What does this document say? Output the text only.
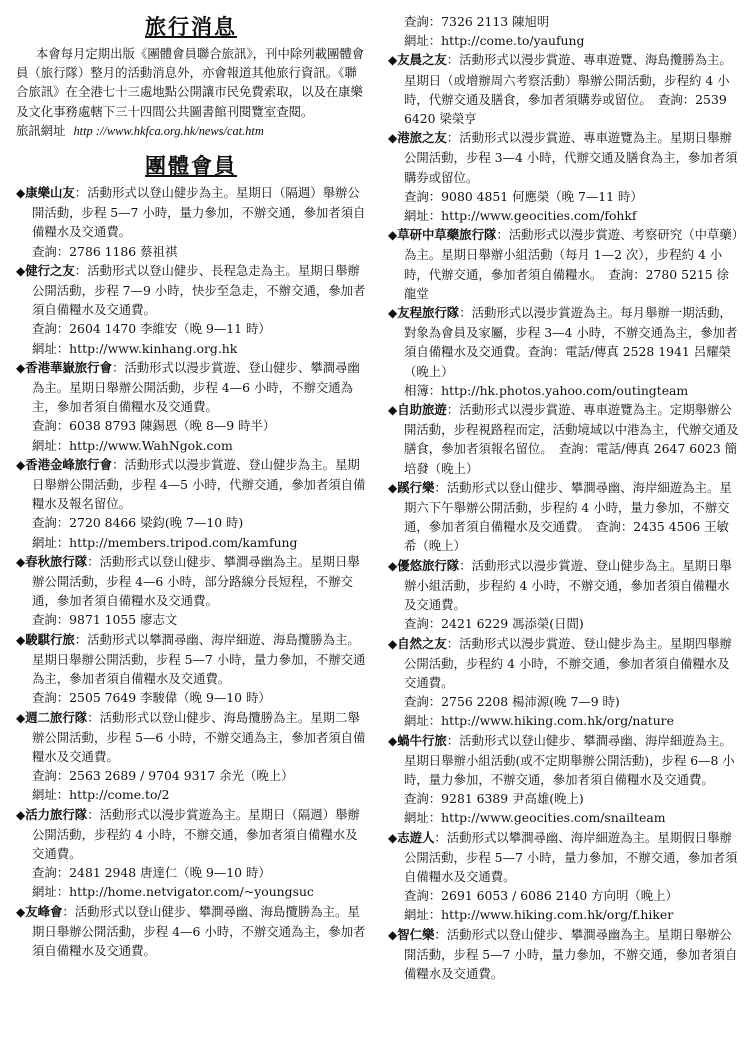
旅行消息

本會每月定期出版《團體會員聯合旅訊》，刊中除列載團體會員（旅行隊）整月的活動消息外，亦會報道其他旅行資訊。《聯合旅訊》在全港七十三處地點公開讓市民免費索取，以及在康樂及文化事務處轄下三十四間公共圖書館刊閱覽室查閱。

旅訊網址 http ://www.hkfca.org.hk/news/cat.htm

團體會員
◆康樂山友：活動形式以登山健步為主。星期日（隔週）舉辦公開活動，步程 5—7 小時，量力參加，不辦交通，參加者須自備糧水及交通費。
查詢：2786 1186 蔡祖祺
◆健行之友：活動形式以登山健步、長程急走為主。星期日舉辦公開活動，步程 7—9 小時，快步至急走，不辦交通，參加者須自備糧水及交通費。
查詢：2604 1470 李維安（晚 9—11 時）
網址：http://www.kinhang.org.hk
◆香港華嶽旅行會：活動形式以漫步賞遊、登山健步、攀澗尋幽為主。星期日舉辦公開活動，步程 4—6 小時，不辦交通為主，參加者須自備糧水及交通費。
查詢：6038 8793 陳錫恩（晚 8—9 時半）
網址：http://www.WahNgok.com
◆香港金峰旅行會：活動形式以漫步賞遊、登山健步為主。星期日舉辦公開活動，步程 4—5 小時，代辦交通，參加者須自備糧水及報名留位。
查詢：2720 8466 梁鈞(晚 7—10 時)
網址：http://members.tripod.com/kamfung
◆春秋旅行隊：活動形式以登山健步、攀澗尋幽為主。星期日舉辦公開活動，步程 4—6 小時，部分路線分長短程，不辦交通，參加者須自備糧水及交通費。
查詢：9871 1055 廖志文
◆駿騏行旅：活動形式以攀澗尋幽、海岸細遊、海島攬勝為主。星期日舉辦公開活動，步程 5—7 小時，量力參加，不辦交通為主，參加者須自備糧水及交通費。
查詢：2505 7649 李駿偉（晚 9—10 時）
◆週二旅行隊：活動形式以登山健步、海島攬勝為主。星期二舉辦公開活動，步程 5—6 小時，不辦交通為主，參加者須自備糧水及交通費。
查詢：2563 2689 / 9704 9317 余光（晚上）
網址：http://come.to/2
◆活力旅行隊：活動形式以漫步賞遊為主。星期日（隔週）舉辦公開活動，步程約 4 小時，不辦交通，參加者須自備糧水及交通費。
查詢：2481 2948 唐達仁（晚 9—10 時）
網址：http://home.netvigator.com/~youngsuc
◆友峰會：活動形式以登山健步、攀澗尋幽、海島攬勝為主。星期日舉辦公開活動，步程 4—6 小時，不辦交通為主，參加者須自備糧水及交通費。
查詢：7326 2113 陳旭明
網址：http://come.to/yaufung
◆友晨之友：活動形式以漫步賞遊、專車遊覽、海島攬勝為主。星期日（或增辦周六考察活動）舉辦公開活動，步程約 4 小時，代辦交通及膳食，參加者須購券或留位。　查詢：2539 6420 梁榮亨
◆港旅之友：活動形式以漫步賞遊、專車遊覽為主。星期日舉辦公開活動，步程 3—4 小時，代辦交通及膳食為主，參加者須購券或留位。
查詢：9080 4851 何應榮（晚 7—11 時）
網址：http://www.geocities.com/fohkf
◆草研中草藥旅行隊：活動形式以漫步賞遊、考察研究（中草藥）為主。星期日舉辦小組活動（每月 1—2 次），步程約 4 小時，代辦交通，參加者須自備糧水。　查詢：2780 5215 徐龍堂
◆友程旅行隊：活動形式以漫步賞遊為主。每月舉辦一期活動，對象為會員及家屬，步程 3—4 小時，不辦交通為主，參加者須自備糧水及交通費。查詢：電話/傳真 2528 1941 呂耀榮（晚上）
相簿：http://hk.photos.yahoo.com/outingteam
◆自助旅遊：活動形式以漫步賞遊、專車遊覽為主。定期舉辦公開活動，步程視路程而定，活動境域以中港為主，代辦交通及膳食，參加者須報名留位。　查詢：電話/傳真 2647 6023 簡培發（晚上）
◆蹊行樂：活動形式以登山健步、攀澗尋幽、海岸細遊為主。星期六下午舉辦公開活動，步程約 4 小時，量力參加，不辦交通，參加者須自備糧水及交通費。　查詢：2435 4506 王敏希（晚上）
◆優悠旅行隊：活動形式以漫步賞遊、登山健步為主。星期日舉辦小組活動，步程約 4 小時，不辦交通，參加者須自備糧水及交通費。
查詢：2421 6229 馮添榮(日間)
◆自然之友：活動形式以漫步賞遊、登山健步為主。星期四舉辦公開活動，步程約 4 小時，不辦交通，參加者須自備糧水及交通費。
查詢：2756 2208 楊沛源(晚 7—9 時)
網址：http://www.hiking.com.hk/org/nature
◆蝸牛行旅：活動形式以登山健步、攀澗尋幽、海岸細遊為主。星期日舉辦小組活動(或不定期舉辦公開活動)，步程 6—8 小時，量力參加，不辦交通，參加者須自備糧水及交通費。
查詢：9281 6389 尹高雄(晚上)
網址：http://www.geocities.com/snailteam
◆志遊人：活動形式以攀澗尋幽、海岸細遊為主。星期假日舉辦公開活動，步程 5—7 小時，量力參加，不辦交通，參加者須自備糧水及交通費。
查詢：2691 6053 / 6086 2140 方向明（晚上）
網址：http://www.hiking.com.hk/org/f.hiker
◆智仁樂：活動形式以登山健步、攀澗尋幽為主。星期日舉辦公開活動，步程 5—7 小時，量力參加，不辦交通，參加者須自備糧水及交通費。
